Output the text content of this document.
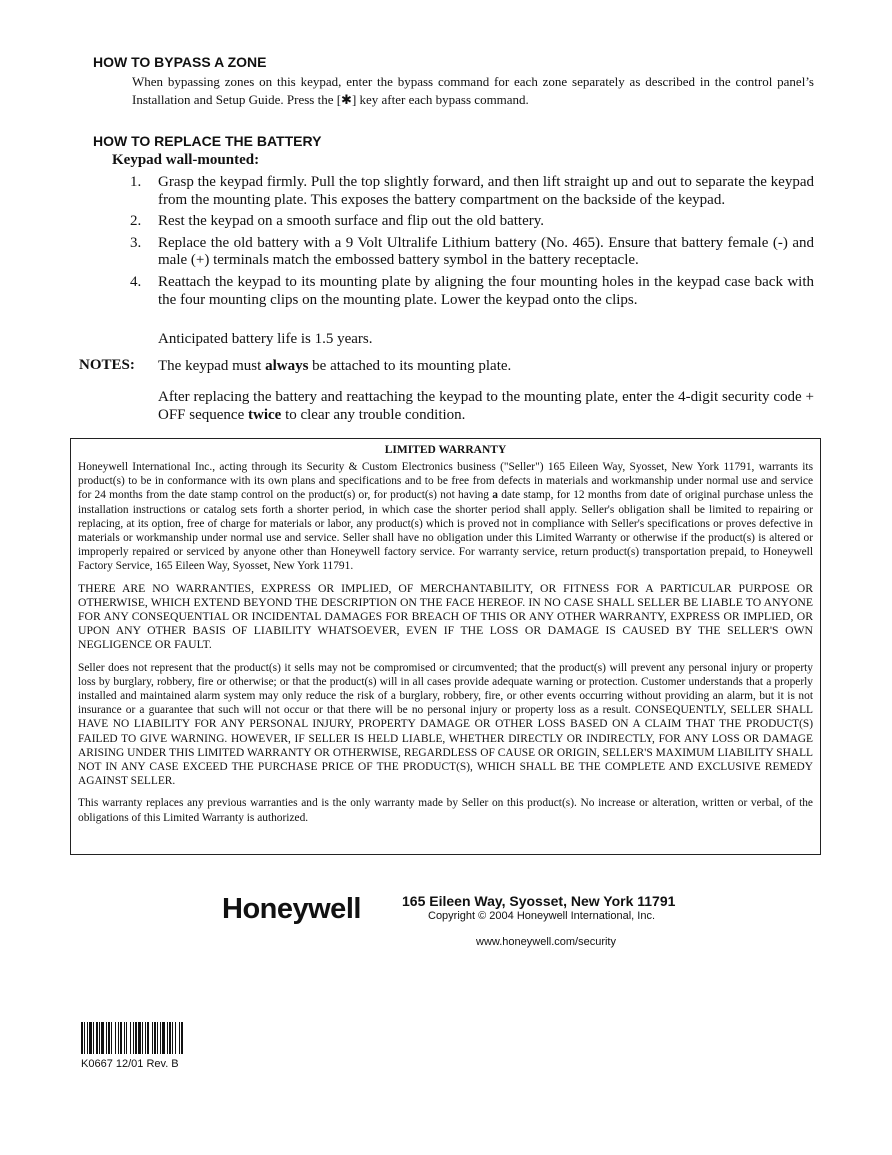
HOW TO BYPASS A ZONE
When bypassing zones on this keypad, enter the bypass command for each zone separately as described in the control panel’s Installation and Setup Guide. Press the [✱] key after each bypass command.
HOW TO REPLACE THE BATTERY
Keypad wall-mounted:
1. Grasp the keypad firmly. Pull the top slightly forward, and then lift straight up and out to separate the keypad from the mounting plate. This exposes the battery compartment on the backside of the keypad.
2. Rest the keypad on a smooth surface and flip out the old battery.
3. Replace the old battery with a 9 Volt Ultralife Lithium battery (No. 465). Ensure that battery female (-) and male (+) terminals match the embossed battery symbol in the battery receptacle.
4. Reattach the keypad to its mounting plate by aligning the four mounting holes in the keypad case back with the four mounting clips on the mounting plate. Lower the keypad onto the clips.
Anticipated battery life is 1.5 years.
NOTES: The keypad must always be attached to its mounting plate.
After replacing the battery and reattaching the keypad to the mounting plate, enter the 4-digit security code + OFF sequence twice to clear any trouble condition.
LIMITED WARRANTY

Honeywell International Inc., acting through its Security & Custom Electronics business ("Seller") 165 Eileen Way, Syosset, New York 11791, warrants its product(s) to be in conformance with its own plans and specifications and to be free from defects in materials and workmanship under normal use and service for 24 months from the date stamp control on the product(s) or, for product(s) not having a date stamp, for 12 months from date of original purchase unless the installation instructions or catalog sets forth a shorter period, in which case the shorter period shall apply. Seller's obligation shall be limited to repairing or replacing, at its option, free of charge for materials or labor, any product(s) which is proved not in compliance with Seller's specifications or proves defective in materials or workmanship under normal use and service. Seller shall have no obligation under this Limited Warranty or otherwise if the product(s) is altered or improperly repaired or serviced by anyone other than Honeywell factory service. For warranty service, return product(s) transportation prepaid, to Honeywell Factory Service, 165 Eileen Way, Syosset, New York 11791.

THERE ARE NO WARRANTIES, EXPRESS OR IMPLIED, OF MERCHANTABILITY, OR FITNESS FOR A PARTICULAR PURPOSE OR OTHERWISE, WHICH EXTEND BEYOND THE DESCRIPTION ON THE FACE HEREOF. IN NO CASE SHALL SELLER BE LIABLE TO ANYONE FOR ANY CONSEQUENTIAL OR INCIDENTAL DAMAGES FOR BREACH OF THIS OR ANY OTHER WARRANTY, EXPRESS OR IMPLIED, OR UPON ANY OTHER BASIS OF LIABILITY WHATSOEVER, EVEN IF THE LOSS OR DAMAGE IS CAUSED BY THE SELLER'S OWN NEGLIGENCE OR FAULT.

Seller does not represent that the product(s) it sells may not be compromised or circumvented; that the product(s) will prevent any personal injury or property loss by burglary, robbery, fire or otherwise; or that the product(s) will in all cases provide adequate warning or protection. Customer understands that a properly installed and maintained alarm system may only reduce the risk of a burglary, robbery, fire, or other events occurring without providing an alarm, but it is not insurance or a guarantee that such will not occur or that there will be no personal injury or property loss as a result. CONSEQUENTLY, SELLER SHALL HAVE NO LIABILITY FOR ANY PERSONAL INJURY, PROPERTY DAMAGE OR OTHER LOSS BASED ON A CLAIM THAT THE PRODUCT(S) FAILED TO GIVE WARNING. HOWEVER, IF SELLER IS HELD LIABLE, WHETHER DIRECTLY OR INDIRECTLY, FOR ANY LOSS OR DAMAGE ARISING UNDER THIS LIMITED WARRANTY OR OTHERWISE, REGARDLESS OF CAUSE OR ORIGIN, SELLER'S MAXIMUM LIABILITY SHALL NOT IN ANY CASE EXCEED THE PURCHASE PRICE OF THE PRODUCT(S), WHICH SHALL BE THE COMPLETE AND EXCLUSIVE REMEDY AGAINST SELLER.

This warranty replaces any previous warranties and is the only warranty made by Seller on this product(s). No increase or alteration, written or verbal, of the obligations of this Limited Warranty is authorized.

Honeywell	165 Eileen Way, Syosset, New York 11791
Copyright © 2004 Honeywell International, Inc.
www.honeywell.com/security
K0667 12/01 Rev. B
